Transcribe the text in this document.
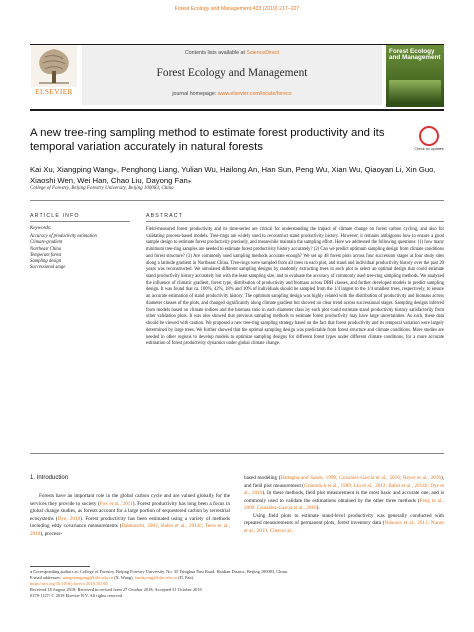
Forest Ecology and Management 433 (2019) 217–227
ELSEVIER
Contents lists available at ScienceDirect
Forest Ecology and Management
journal homepage: www.elsevier.com/locate/foreco
Forest Ecology and Management
A new tree-ring sampling method to estimate forest productivity and its temporal variation accurately in natural forests	Check for updates
Kai Xu, Xiangping Wang⁎, Penghong Liang, Yulian Wu, Hailong An, Han Sun, Peng Wu, Xian Wu, Qiaoyan Li, Xin Guo, Xiaoshi Wen, Wei Han, Chao Liu, Dayong Fan⁎
College of Forestry, Beijing Forestry University, Beijing 100083, China
ARTICLE INFO	ABSTRACT
Keywords:
Accuracy of productivity estimation
Climate-gradient
Northeast China
Temperate forest
Sampling design
Successional stage
Field-measured forest productivity and its time-series are critical for understanding the impact of climate change on forest carbon cycling, and also for validating process-based models. Tree-rings are widely used to reconstruct stand productivity history. However, it remains ambiguous how to ensure a good sample design to estimate forest productivity precisely, and meanwhile maintain the sampling effort. Here we addressed the following questions: (1) how many minimum tree-ring samples are needed to estimate forest productivity history accurately? (2) Can we predict optimum sampling design from climate conditions and forest structure? (3) Are commonly used sampling methods accurate enough? We set up 48 forest plots across four succession stages at four study sites along a latitude gradient in Northeast China. Tree-rings were sampled from all trees in each plot, and stand and individual productivity history over the past 20 years was reconstructed. We simulated different sampling designs by randomly extracting trees in each plot to select an optimal design that could estimate stand productivity history accurately but with the least sampling size, and to evaluate the accuracy of commonly used tree-ring sampling methods. We analyzed the influence of climatic gradient, forest type, distribution of productivity and biomass across DBH classes, and further developed models to predict sampling design. It was found that ca. 100%, 42%, 18% and 10% of individuals should be sampled from the 1/4 largest to the 1/4 smallest trees, respectively, to ensure an accurate estimation of stand productivity history. The optimum sampling design was highly related with the distribution of productivity and biomass across diameter classes of the plots, and changed significantly along climate gradient but showed no clear trend across successional stages. Sampling designs inferred from models based on climate indices and the biomass ratio in each diameter class by each plot could estimate stand productivity history satisfactorily from other validation plots. It was also showed that previous sampling methods to estimate forest productivity may have large uncertainties. As such, these data should be viewed with caution. We proposed a new tree-ring sampling strategy based on the fact that forest productivity and its temporal variation were largely determined by large trees. We further showed that the optimal sampling design was predictable from forest structure and climate conditions. More studies are needed in other regions to develop models to optimize sampling designs for different forest types under different climate conditions, for a more accurate estimation of forest productivity dynamics under global climate change.
1. Introduction
Forests have an important role in the global carbon cycle and are valued globally for the services they provide to society (Fox et al., 2011). Forest productivity has long been a focus in global change studies, as forests account for a large portion of sequestered carbon by terrestrial ecosystems (Dye, 2018). Forest productivity has been estimated using a variety of methods including eddy covariance measurements (Bakkoucht, 2003; Babst et al., 2014c; Teets et al., 2018), process-
based modeling (Battaglia and Sands, 1998; González-García et al., 2016; Reyer et al., 2016), and field plot measurement (Graumlich et al., 1989; Liu et al., 2012; Babst et al., 2014b; Dye et al., 2016). In these methods, field plot measurement is the most basic and accurate one, and is commonly used to validate the estimations obtained by the other three methods (Feng et al., 2009; González-García et al., 2016).
Using field plots to estimate stand-level productivity was generally conducted with repeated measurements of permanent plots, forest inventory data (Nabuurs et al., 2013; Nunes et al., 2013; Chen et al.,
⁎ Corresponding authors at: College of Forestry, Beijing Forestry University, No. 35 Tsinghua East Road, Haidian District, Beijing 100083, China.
E-mail addresses: wangxiangping@bjfu.edu.cn (X. Wang), fandayong@bjfu.edu.cn (D. Fan).
https://doi.org/10.1016/j.foreco.2018.10.065
Received 18 August 2018; Received in revised form 27 October 2018; Accepted 31 October 2018
0378-1127/ © 2018 Elsevier B.V. All rights reserved.
